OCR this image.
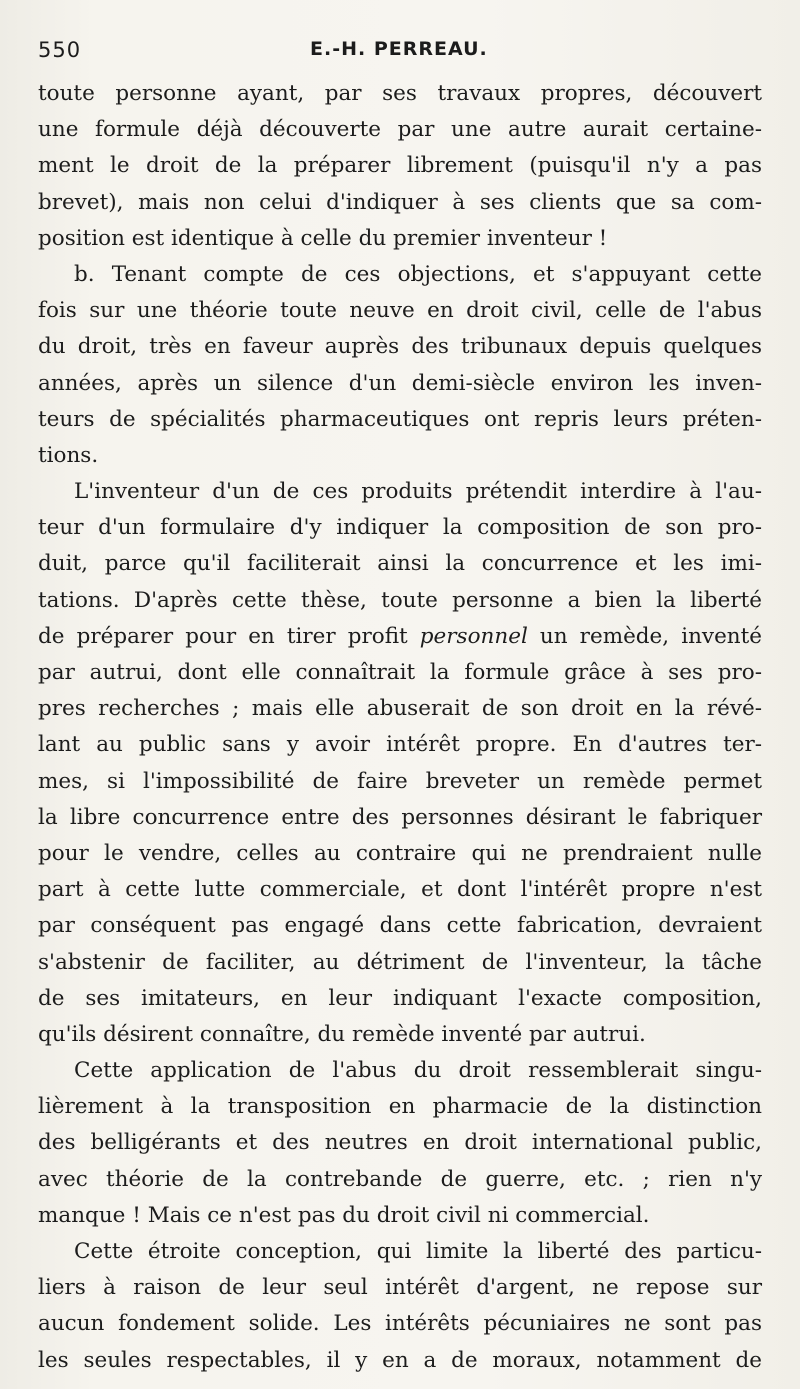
550	E.-H. PERREAU.
toute personne ayant, par ses travaux propres, découvert
une formule déjà découverte par une autre aurait certaine-
ment le droit de la préparer librement (puisqu'il n'y a pas
brevet), mais non celui d'indiquer à ses clients que sa com-
position est identique à celle du premier inventeur !
b. Tenant compte de ces objections, et s'appuyant cette
fois sur une théorie toute neuve en droit civil, celle de l'abus
du droit, très en faveur auprès des tribunaux depuis quelques
années, après un silence d'un demi-siècle environ les inven-
teurs de spécialités pharmaceutiques ont repris leurs préten-
tions.
L'inventeur d'un de ces produits prétendit interdire à l'au-
teur d'un formulaire d'y indiquer la composition de son pro-
duit, parce qu'il faciliterait ainsi la concurrence et les imi-
tations. D'après cette thèse, toute personne a bien la liberté
de préparer pour en tirer profit personnel un remède, inventé
par autrui, dont elle connaîtrait la formule grâce à ses pro-
pres recherches ; mais elle abuserait de son droit en la révé-
lant au public sans y avoir intérêt propre. En d'autres ter-
mes, si l'impossibilité de faire breveter un remède permet
la libre concurrence entre des personnes désirant le fabriquer
pour le vendre, celles au contraire qui ne prendraient nulle
part à cette lutte commerciale, et dont l'intérêt propre n'est
par conséquent pas engagé dans cette fabrication, devraient
s'abstenir de faciliter, au détriment de l'inventeur, la tâche
de ses imitateurs, en leur indiquant l'exacte composition,
qu'ils désirent connaître, du remède inventé par autrui.
Cette application de l'abus du droit ressemblerait singu-
lièrement à la transposition en pharmacie de la distinction
des belligérants et des neutres en droit international public,
avec théorie de la contrebande de guerre, etc. ; rien n'y
manque ! Mais ce n'est pas du droit civil ni commercial.
Cette étroite conception, qui limite la liberté des particu-
liers à raison de leur seul intérêt d'argent, ne repose sur
aucun fondement solide. Les intérêts pécuniaires ne sont pas
les seules respectables, il y en a de moraux, notamment de
